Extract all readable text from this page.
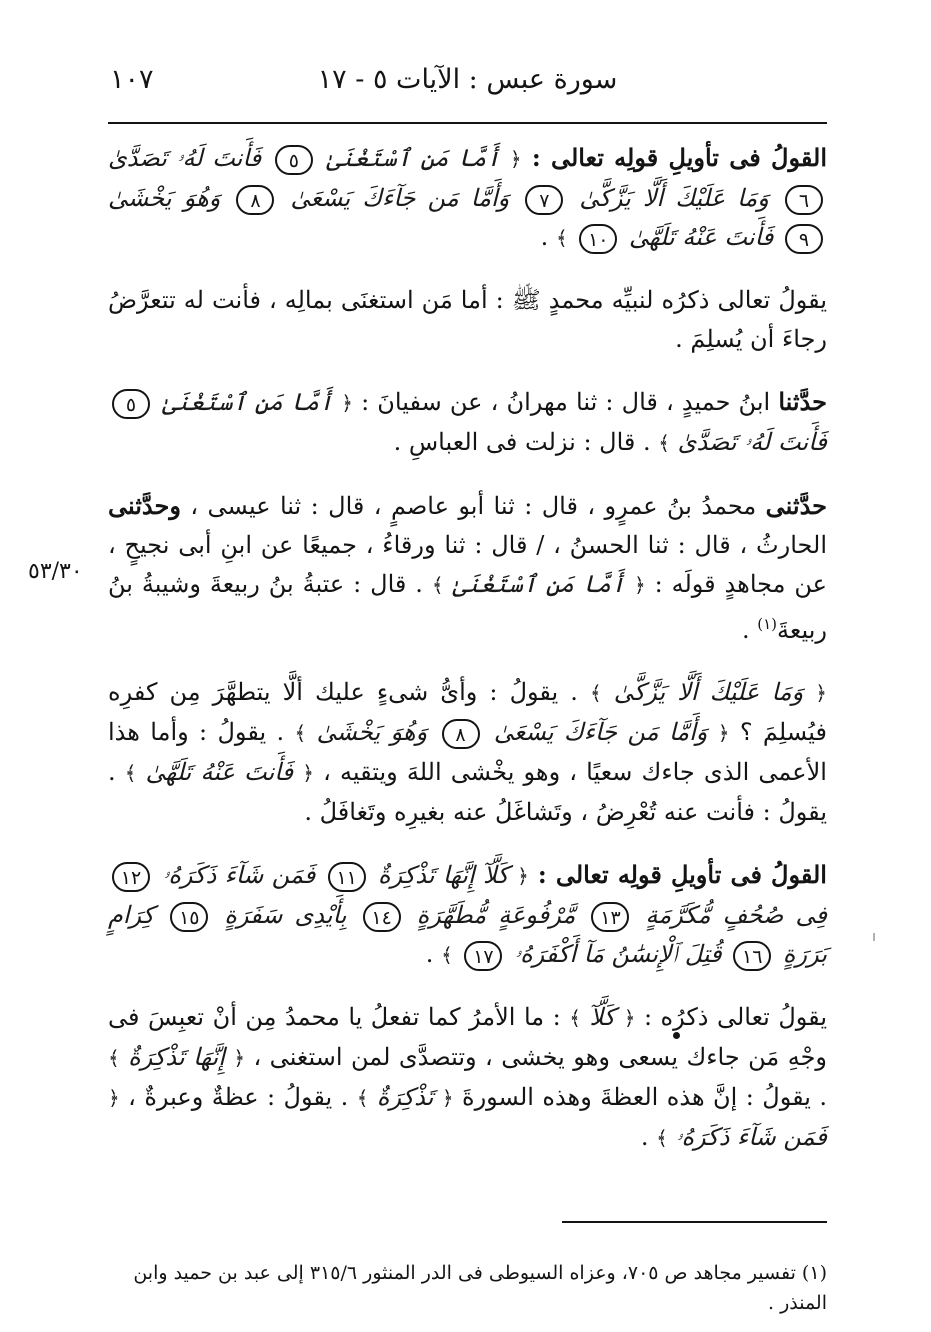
سورة عبس : الآيات ٥ - ١٧
١٠٧
٥٣/٣٠

القولُ فى تأويلِ قولِه تعالى : ﴿ أَمَّا مَنِ ٱسْتَغْنَىٰ ٥ فَأَنتَ لَهُۥ تَصَدَّىٰ ٦ وَمَا عَلَيْكَ أَلَّا يَزَّكَّىٰ ٧ وَأَمَّا مَن جَآءَكَ يَسْعَىٰ ٨ وَهُوَ يَخْشَىٰ ٩ فَأَنتَ عَنْهُ تَلَهَّىٰ ١٠ ﴾ .

يقولُ تعالى ذكرُه لنبيِّه محمدٍ ﷺ : أما مَن استغنَى بمالِه ، فأنت له تتعرَّضُ رجاءَ أن يُسلِمَ .

حدَّثنا ابنُ حميدٍ ، قال : ثنا مهرانُ ، عن سفيانَ : ﴿ أَمَّا مَنِ ٱسْتَغْنَىٰ ٥ فَأَنتَ لَهُۥ تَصَدَّىٰ ﴾ . قال : نزلت فى العباسِ .

حدَّثنى محمدُ بنُ عمرٍو ، قال : ثنا أبو عاصمٍ ، قال : ثنا عيسى ، وحدَّثنى الحارثُ ، قال : ثنا الحسنُ ، / قال : ثنا ورقاءُ ، جميعًا عن ابنِ أبى نجيحٍ ، عن مجاهدٍ قولَه : ﴿ أَمَّا مَنِ ٱسْتَغْنَىٰ ﴾ . قال : عتبةُ بنُ ربيعةَ وشيبةُ بنُ ربيعةَ$^{(١)}$ .

﴿ وَمَا عَلَيْكَ أَلَّا يَزَّكَّىٰ ﴾ . يقولُ : وأىُّ شىءٍ عليك ألَّا يتطهَّرَ مِن كفرِه فيُسلِمَ ؟ ﴿ وَأَمَّا مَن جَآءَكَ يَسْعَىٰ ٨ وَهُوَ يَخْشَىٰ ﴾ . يقولُ : وأما هذا الأعمى الذى جاءك سعيًا ، وهو يخْشى اللهَ ويتقيه ، ﴿ فَأَنتَ عَنْهُ تَلَهَّىٰ ﴾ . يقولُ : فأنت عنه تُعْرِضُ ، وتَشاغَلُ عنه بغيرِه وتَغافَلُ .

القولُ فى تأويلِ قولِه تعالى : ﴿ كَلَّآ إِنَّهَا تَذْكِرَةٌ ١١ فَمَن شَآءَ ذَكَرَهُۥ ١٢ فِى صُحُفٍ مُّكَرَّمَةٍ ١٣ مَّرْفُوعَةٍ مُّطَهَّرَةٍ ١٤ بِأَيْدِى سَفَرَةٍ ١٥ كِرَامٍ بَرَرَةٍ ١٦ قُتِلَ ٱلْإِنسَٰنُ مَآ أَكْفَرَهُۥ ١٧ ﴾ .

يقولُ تعالى ذكرُه : ﴿ كَلَّآ ﴾ : ما الأمرُ كما تفعلُ يا محمدُ مِن أنْ تعبِسَ فى وجْهِ مَن جاءك يسعى وهو يخشى ، وتتصدَّى لمن استغنى ، ﴿ إِنَّهَا تَذْكِرَةٌ ﴾ . يقولُ : إنَّ هذه العظةَ وهذه السورةَ ﴿ تَذْكِرَةٌ ﴾ . يقولُ : عظةٌ وعبرةٌ ، ﴿ فَمَن شَآءَ ذَكَرَهُۥ ﴾ .

(١) تفسير مجاهد ص ٧٠٥، وعزاه السيوطى فى الدر المنثور ٣١٥/٦ إلى عبد بن حميد وابن المنذر .
